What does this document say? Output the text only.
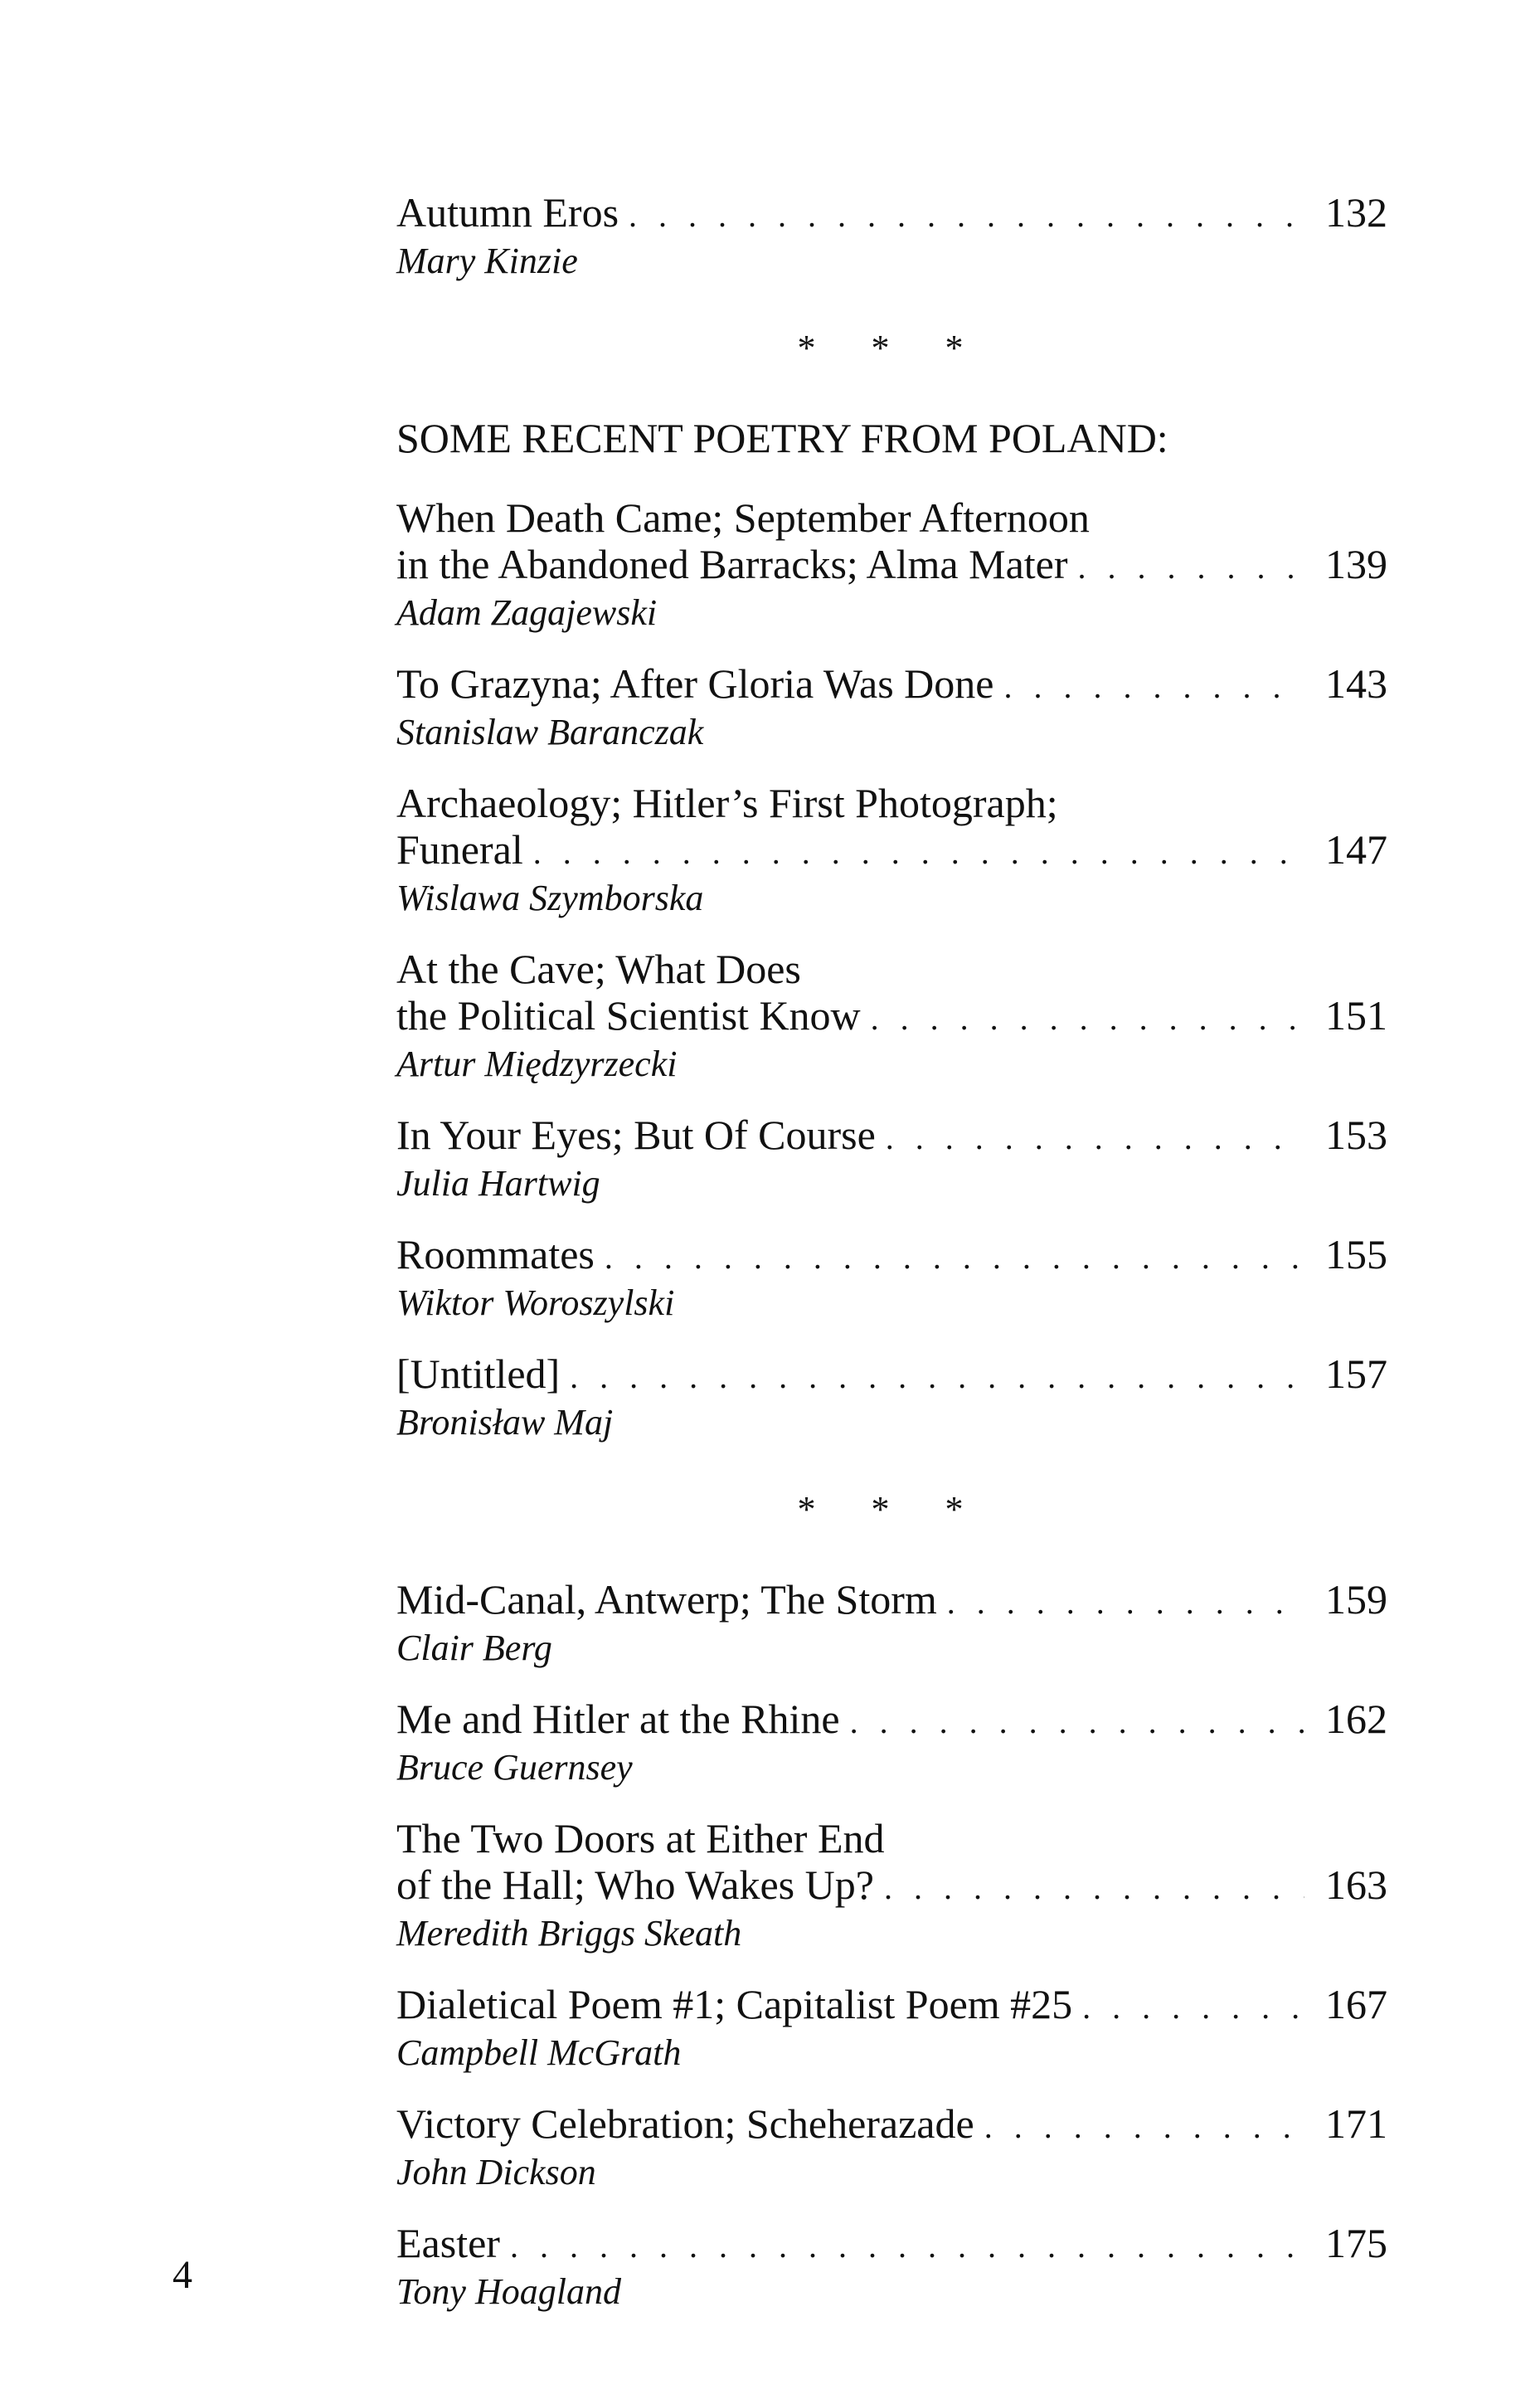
Autumn Eros . . .	132
Mary Kinzie
* * *
SOME RECENT POETRY FROM POLAND:
When Death Came; September Afternoon
in the Abandoned Barracks; Alma Mater . . .	139
Adam Zagajewski
To Grazyna; After Gloria Was Done . . .	143
Stanislaw Baranczak
Archaeology; Hitler’s First Photograph;
Funeral . . .	147
Wislawa Szymborska
At the Cave; What Does
the Political Scientist Know . . .	151
Artur Międzyrzecki
In Your Eyes; But Of Course . . .	153
Julia Hartwig
Roommates . . .	155
Wiktor Woroszylski
[Untitled] . . .	157
Bronisław Maj
* * *
Mid-Canal, Antwerp; The Storm . . .	159
Clair Berg
Me and Hitler at the Rhine . . .	162
Bruce Guernsey
The Two Doors at Either End
of the Hall; Who Wakes Up? . . .	163
Meredith Briggs Skeath
Dialetical Poem #1; Capitalist Poem #25 . . .	167
Campbell McGrath
Victory Celebration; Scheherazade . . .	171
John Dickson
Easter . . .	175
Tony Hoagland
4
